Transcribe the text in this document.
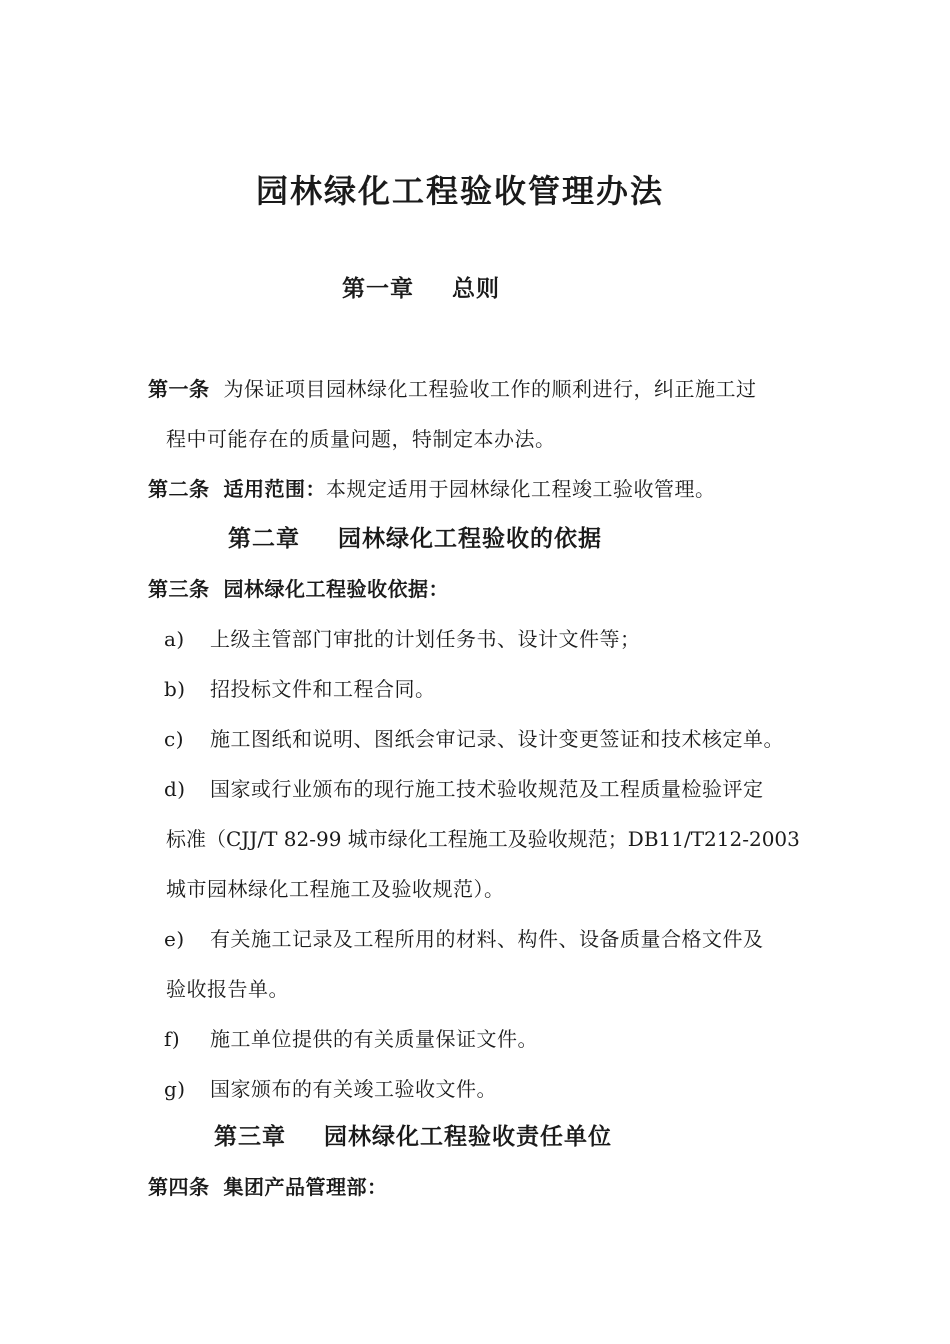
园林绿化工程验收管理办法
第一章 总则
第一条 为保证项目园林绿化工程验收工作的顺利进行，纠正施工过
程中可能存在的质量问题，特制定本办法。
第二条 适用范围：本规定适用于园林绿化工程竣工验收管理。
第二章 园林绿化工程验收的依据
第三条 园林绿化工程验收依据：
a) 上级主管部门审批的计划任务书、设计文件等；
b) 招投标文件和工程合同。
c) 施工图纸和说明、图纸会审记录、设计变更签证和技术核定单。
d) 国家或行业颁布的现行施工技术验收规范及工程质量检验评定
标准（CJJ/T 82-99 城市绿化工程施工及验收规范；DB11/T212-2003
城市园林绿化工程施工及验收规范）。
e) 有关施工记录及工程所用的材料、构件、设备质量合格文件及
验收报告单。
f) 施工单位提供的有关质量保证文件。
g) 国家颁布的有关竣工验收文件。
第三章 园林绿化工程验收责任单位
第四条 集团产品管理部：
